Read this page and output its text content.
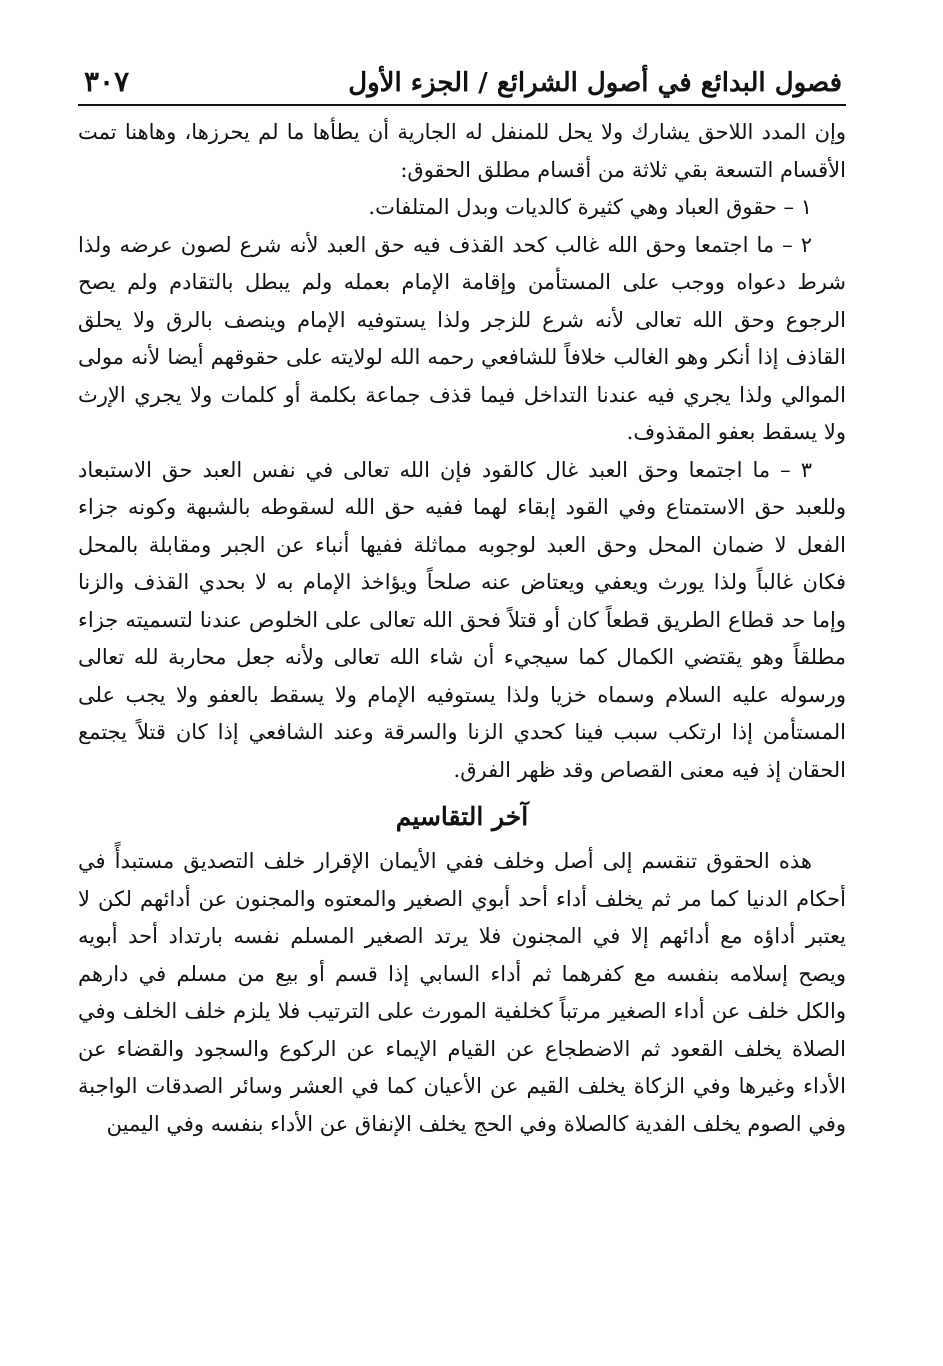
فصول البدائع في أصول الشرائع / الجزء الأول
٣٠٧

وإن المدد اللاحق يشارك ولا يحل للمنفل له الجارية أن يطأها ما لم يحرزها، وهاهنا تمت الأقسام التسعة بقي ثلاثة من أقسام مطلق الحقوق:

١ – حقوق العباد وهي كثيرة كالديات وبدل المتلفات.

٢ – ما اجتمعا وحق الله غالب كحد القذف فيه حق العبد لأنه شرع لصون عرضه ولذا شرط دعواه ووجب على المستأمن وإقامة الإمام بعمله ولم يبطل بالتقادم ولم يصح الرجوع وحق الله تعالى لأنه شرع للزجر ولذا يستوفيه الإمام وينصف بالرق ولا يحلق القاذف إذا أنكر وهو الغالب خلافاً للشافعي رحمه الله لولايته على حقوقهم أيضا لأنه مولى الموالي ولذا يجري فيه عندنا التداخل فيما قذف جماعة بكلمة أو كلمات ولا يجري الإرث ولا يسقط بعفو المقذوف.

٣ – ما اجتمعا وحق العبد غال كالقود فإن الله تعالى في نفس العبد حق الاستبعاد وللعبد حق الاستمتاع وفي القود إبقاء لهما ففيه حق الله لسقوطه بالشبهة وكونه جزاء الفعل لا ضمان المحل وحق العبد لوجوبه مماثلة ففيها أنباء عن الجبر ومقابلة بالمحل فكان غالباً ولذا يورث ويعفي ويعتاض عنه صلحاً ويؤاخذ الإمام به لا بحدي القذف والزنا وإما حد قطاع الطريق قطعاً كان أو قتلاً فحق الله تعالى على الخلوص عندنا لتسميته جزاء مطلقاً وهو يقتضي الكمال كما سيجيء أن شاء الله تعالى ولأنه جعل محاربة لله تعالى ورسوله عليه السلام وسماه خزيا ولذا يستوفيه الإمام ولا يسقط بالعفو ولا يجب على المستأمن إذا ارتكب سبب فينا كحدي الزنا والسرقة وعند الشافعي إذا كان قتلاً يجتمع الحقان إذ فيه معنى القصاص وقد ظهر الفرق.

آخر التقاسيم

هذه الحقوق تنقسم إلى أصل وخلف ففي الأيمان الإقرار خلف التصديق مستبدأً في أحكام الدنيا كما مر ثم يخلف أداء أحد أبوي الصغير والمعتوه والمجنون عن أدائهم لكن لا يعتبر أداؤه مع أدائهم إلا في المجنون فلا يرتد الصغير المسلم نفسه بارتداد أحد أبويه ويصح إسلامه بنفسه مع كفرهما ثم أداء السابي إذا قسم أو بيع من مسلم في دارهم والكل خلف عن أداء الصغير مرتباً كخلفية المورث على الترتيب فلا يلزم خلف الخلف وفي الصلاة يخلف القعود ثم الاضطجاع عن القيام الإيماء عن الركوع والسجود والقضاء عن الأداء وغيرها وفي الزكاة يخلف القيم عن الأعيان كما في العشر وسائر الصدقات الواجبة وفي الصوم يخلف الفدية كالصلاة وفي الحج يخلف الإنفاق عن الأداء بنفسه وفي اليمين
